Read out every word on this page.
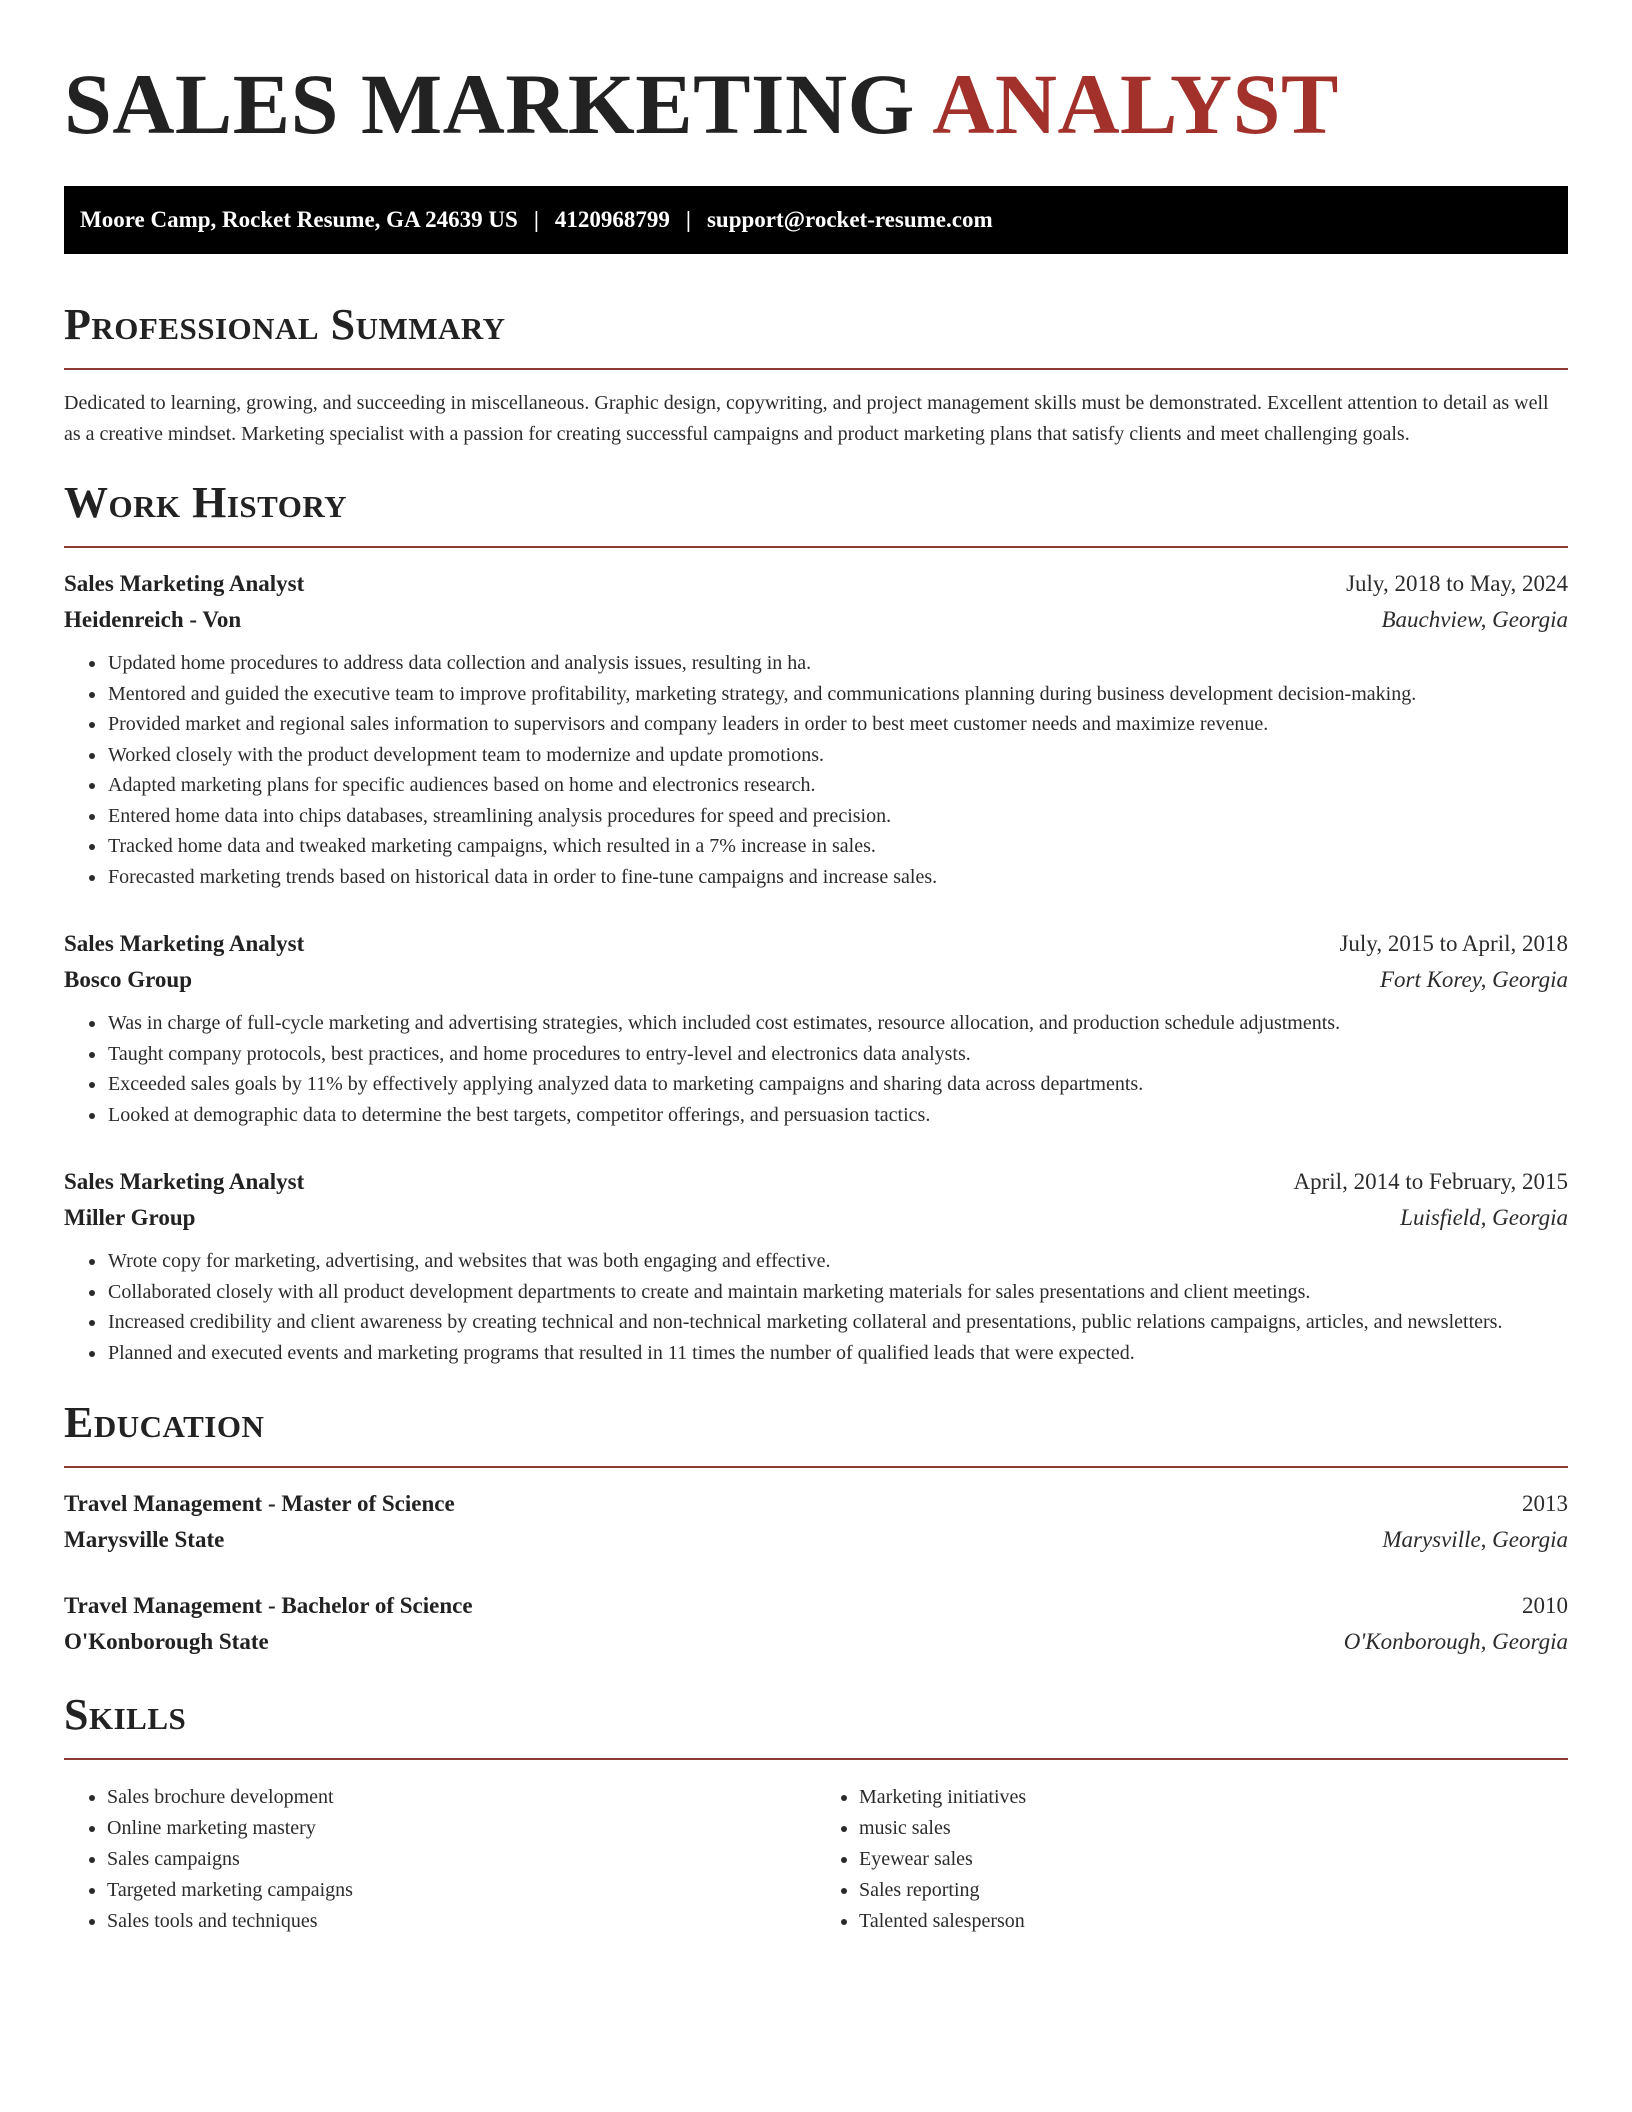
SALES MARKETING ANALYST
Moore Camp, Rocket Resume, GA 24639 US | 4120968799 | support@rocket-resume.com
Professional Summary

Dedicated to learning, growing, and succeeding in miscellaneous. Graphic design, copywriting, and project management skills must be demonstrated. Excellent attention to detail as well as a creative mindset. Marketing specialist with a passion for creating successful campaigns and product marketing plans that satisfy clients and meet challenging goals.

Work History
Sales Marketing Analyst	July, 2018 to May, 2024
Heidenreich - Von	Bauchview, Georgia
• Updated home procedures to address data collection and analysis issues, resulting in ha.
• Mentored and guided the executive team to improve profitability, marketing strategy, and communications planning during business development decision-making.
• Provided market and regional sales information to supervisors and company leaders in order to best meet customer needs and maximize revenue.
• Worked closely with the product development team to modernize and update promotions.
• Adapted marketing plans for specific audiences based on home and electronics research.
• Entered home data into chips databases, streamlining analysis procedures for speed and precision.
• Tracked home data and tweaked marketing campaigns, which resulted in a 7% increase in sales.
• Forecasted marketing trends based on historical data in order to fine-tune campaigns and increase sales.
Sales Marketing Analyst	July, 2015 to April, 2018
Bosco Group	Fort Korey, Georgia
• Was in charge of full-cycle marketing and advertising strategies, which included cost estimates, resource allocation, and production schedule adjustments.
• Taught company protocols, best practices, and home procedures to entry-level and electronics data analysts.
• Exceeded sales goals by 11% by effectively applying analyzed data to marketing campaigns and sharing data across departments.
• Looked at demographic data to determine the best targets, competitor offerings, and persuasion tactics.
Sales Marketing Analyst	April, 2014 to February, 2015
Miller Group	Luisfield, Georgia
• Wrote copy for marketing, advertising, and websites that was both engaging and effective.
• Collaborated closely with all product development departments to create and maintain marketing materials for sales presentations and client meetings.
• Increased credibility and client awareness by creating technical and non-technical marketing collateral and presentations, public relations campaigns, articles, and newsletters.
• Planned and executed events and marketing programs that resulted in 11 times the number of qualified leads that were expected.
Education
Travel Management - Master of Science	2013
Marysville State	Marysville, Georgia
Travel Management - Bachelor of Science	2010
O'Konborough State	O'Konborough, Georgia
Skills
• Sales brochure development
• Online marketing mastery
• Sales campaigns
• Targeted marketing campaigns
• Sales tools and techniques
• Marketing initiatives
• music sales
• Eyewear sales
• Sales reporting
• Talented salesperson
